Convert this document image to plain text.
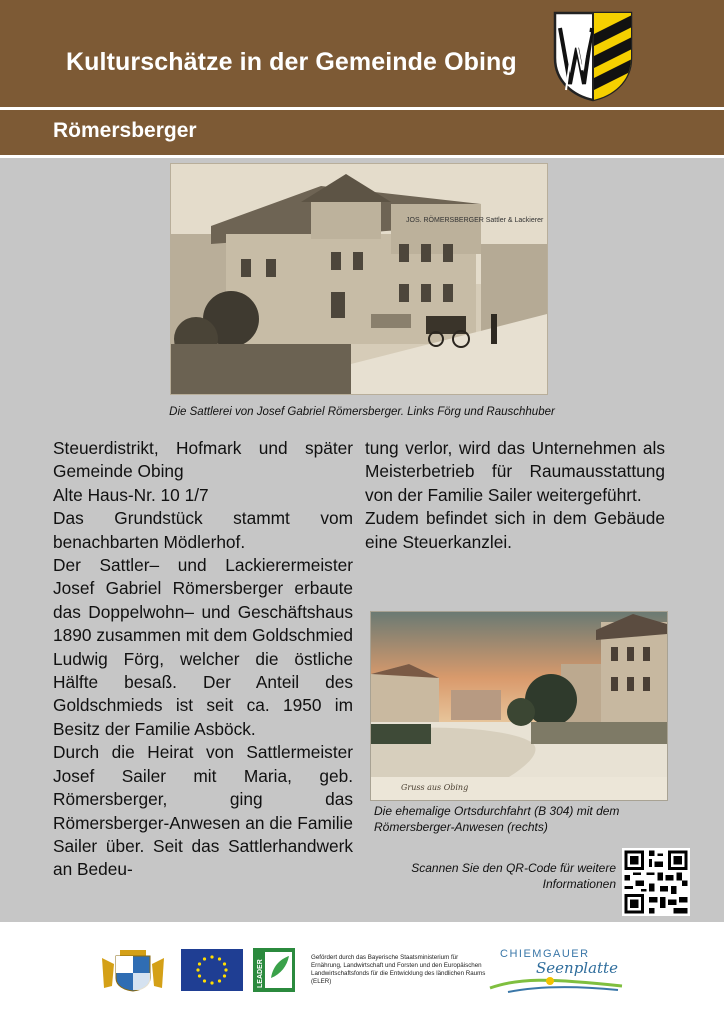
Kulturschätze in der Gemeinde Obing
Römersberger
JOS. RÖMERSBERGER Sattler & Lackierer
Die Sattlerei von Josef Gabriel Römersberger. Links Förg und Rauschhuber

Steuerdistrikt, Hofmark und später Gemeinde Obing

Alte Haus-Nr. 10 1/7

Das Grundstück stammt vom benachbarten Mödlerhof.

Der Sattler– und Lackierermeister Josef Gabriel Römersberger erbaute das Doppelwohn– und Geschäftshaus 1890 zusammen mit dem Goldschmied Ludwig Förg, welcher die östliche Hälfte besaß. Der Anteil des Goldschmieds ist seit ca. 1950 im Besitz der Familie Asböck.

Durch die Heirat von Sattlermeister Josef Sailer mit Maria, geb. Römersberger, ging das Römersberger-Anwesen an die Familie Sailer über. Seit das Sattlerhandwerk an Bedeu-

tung verlor, wird das Unternehmen als Meisterbetrieb für Raumausstattung von der Familie Sailer weitergeführt.

Zudem befindet sich in dem Gebäude eine Steuerkanzlei.

Gruss aus Obing
Die ehemalige Ortsdurchfahrt (B 304) mit dem Römersberger-Anwesen (rechts)
Scannen Sie den QR-Code für weitere Informationen
LEADER
Gefördert durch das Bayerische Staatsministerium für Ernährung, Landwirtschaft und Forsten und den Europäischen Landwirtschaftsfonds für die Entwicklung des ländlichen Raums (ELER)
CHIEMGAUER
Seenplatte
